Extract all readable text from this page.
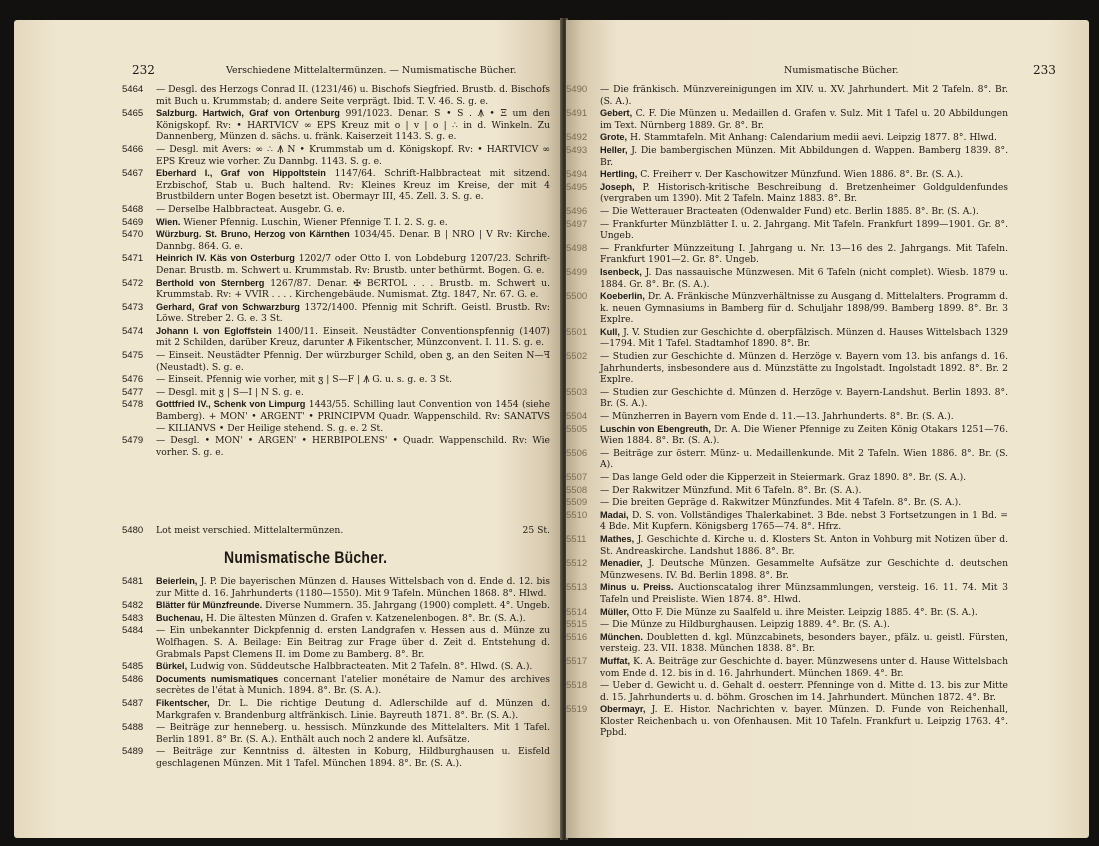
232	Verschiedene Mittelaltermünzen. — Numismatische Bücher.
5464	— Desgl. des Herzogs Conrad II. (1231/46) u. Bischofs Siegfried. Brustb. d. Bischofs mit Buch u. Krummstab; d. andere Seite verprägt. Ibid. T. V. 46. S. g. e.
5465	Salzburg. Hartwich, Graf von Ortenburg 991/1023. Denar. S • S . Ꙟ • Ξ um den Königskopf. Rv: • HARTVICV ∞ EPS Kreuz mit o | v | o | ∴ in d. Winkeln. Zu Dannenberg, Münzen d. sächs. u. fränk. Kaiserzeit 1143. S. g. e.
5466	— Desgl. mit Avers: ∞ ∴ Ꙟ N • Krummstab um d. Königskopf. Rv: • HARTVICV ∞ EPS Kreuz wie vorher. Zu Dannbg. 1143. S. g. e.
5467	Eberhard I., Graf von Hippoltstein 1147/64. Schrift-Halbbracteat mit sitzend. Erzbischof, Stab u. Buch haltend. Rv: Kleines Kreuz im Kreise, der mit 4 Brustbildern unter Bogen besetzt ist. Obermayr III, 45. Zell. 3. S. g. e.
5468	— Derselbe Halbbracteat. Ausgebr. G. e.
5469	Wien. Wiener Pfennig. Luschin, Wiener Pfennige T. I. 2. S. g. e.
5470	Würzburg. St. Bruno, Herzog von Kärnthen 1034/45. Denar. B | NRO | V Rv: Kirche. Dannbg. 864. G. e.
5471	Heinrich IV. Käs von Osterburg 1202/7 oder Otto I. von Lobdeburg 1207/23. Schrift-Denar. Brustb. m. Schwert u. Krummstab. Rv: Brustb. unter bethürmt. Bogen. G. e.
5472	Berthold von Sternberg 1267/87. Denar. ✠ BЄRTOL . . . Brustb. m. Schwert u. Krummstab. Rv: + VVIR . . . . Kirchengebäude. Numismat. Ztg. 1847, Nr. 67. G. e.
5473	Gerhard, Graf von Schwarzburg 1372/1400. Pfennig mit Schrift. Geistl. Brustb. Rv: Löwe. Streber 2. G. e. 3 St.
5474	Johann I. von Egloffstein 1400/11. Einseit. Neustädter Conventionspfennig (1407) mit 2 Schilden, darüber Kreuz, darunter Ꙟ Fikentscher, Münzconvent. I. 11. S. g. e.
5475	— Einseit. Neustädter Pfennig. Der würzburger Schild, oben ꟑ, an den Seiten N—ꟻ (Neustadt). S. g. e.
5476	— Einseit. Pfennig wie vorher, mit ꟑ | S—F | Ꙟ G. u. s. g. e. 3 St.
5477	— Desgl. mit ꟑ | S—I | N S. g. e.
5478	Gottfried IV., Schenk von Limpurg 1443/55. Schilling laut Convention von 1454 (siehe Bamberg). + MON' • ARGENT' • PRINCIPVM Quadr. Wappenschild. Rv: SANATVS — KILIANVS • Der Heilige stehend. S. g. e. 2 St.
5479	— Desgl. • MON' • ARGEN' • HERBIPOLENS' • Quadr. Wappenschild. Rv: Wie vorher. S. g. e.
5480	Lot meist verschied. Mittelaltermünzen.	25 St.
Numismatische Bücher.
5481	Beierlein, J. P. Die bayerischen Münzen d. Hauses Wittelsbach von d. Ende d. 12. bis zur Mitte d. 16. Jahrhunderts (1180—1550). Mit 9 Tafeln. München 1868. 8°. Hlwd.
5482	Blätter für Münzfreunde. Diverse Nummern. 35. Jahrgang (1900) complett. 4°. Ungeb.
5483	Buchenau, H. Die ältesten Münzen d. Grafen v. Katzenelenbogen. 8°. Br. (S. A.).
5484	— Ein unbekannter Dickpfennig d. ersten Landgrafen v. Hessen aus d. Münze zu Wolfhagen. S. A. Beilage: Ein Beitrag zur Frage über d. Zeit d. Entstehung d. Grabmals Papst Clemens II. im Dome zu Bamberg. 8°. Br.
5485	Bürkel, Ludwig von. Süddeutsche Halbbracteaten. Mit 2 Tafeln. 8°. Hlwd. (S. A.).
5486	Documents numismatiques concernant l'atelier monétaire de Namur des archives secrètes de l'état à Munich. 1894. 8°. Br. (S. A.).
5487	Fikentscher, Dr. L. Die richtige Deutung d. Adlerschilde auf d. Münzen d. Markgrafen v. Brandenburg altfränkisch. Linie. Bayreuth 1871. 8°. Br. (S. A.).
5488	— Beiträge zur henneberg. u. hessisch. Münzkunde des Mittelalters. Mit 1 Tafel. Berlin 1891. 8° Br. (S. A.). Enthält auch noch 2 andere kl. Aufsätze.
5489	— Beiträge zur Kenntniss d. ältesten in Koburg, Hildburghausen u. Eisfeld geschlagenen Münzen. Mit 1 Tafel. München 1894. 8°. Br. (S. A.).
Numismatische Bücher.	233
5490	— Die fränkisch. Münzvereinigungen im XIV. u. XV. Jahrhundert. Mit 2 Tafeln. 8°. Br. (S. A.).
5491	Gebert, C. F. Die Münzen u. Medaillen d. Grafen v. Sulz. Mit 1 Tafel u. 20 Abbildungen im Text. Nürnberg 1889. Gr. 8°. Br.
5492	Grote, H. Stammtafeln. Mit Anhang: Calendarium medii aevi. Leipzig 1877. 8°. Hlwd.
5493	Heller, J. Die bambergischen Münzen. Mit Abbildungen d. Wappen. Bamberg 1839. 8°. Br.
5494	Hertling, C. Freiherr v. Der Kaschowitzer Münzfund. Wien 1886. 8°. Br. (S. A.).
5495	Joseph, P. Historisch-kritische Beschreibung d. Bretzenheimer Goldguldenfundes (vergraben um 1390). Mit 2 Tafeln. Mainz 1883. 8°. Br.
5496	— Die Wetterauer Bracteaten (Odenwalder Fund) etc. Berlin 1885. 8°. Br. (S. A.).
5497	— Frankfurter Münzblätter I. u. 2. Jahrgang. Mit Tafeln. Frankfurt 1899—1901. Gr. 8°. Ungeb.
5498	— Frankfurter Münzzeitung I. Jahrgang u. Nr. 13—16 des 2. Jahrgangs. Mit Tafeln. Frankfurt 1901—2. Gr. 8°. Ungeb.
5499	Isenbeck, J. Das nassauische Münzwesen. Mit 6 Tafeln (nicht complet). Wiesb. 1879 u. 1884. Gr. 8°. Br. (S. A.).
5500	Koeberlin, Dr. A. Fränkische Münzverhältnisse zu Ausgang d. Mittelalters. Programm d. k. neuen Gymnasiums in Bamberg für d. Schuljahr 1898/99. Bamberg 1899. 8°. Br. 3 Explre.
5501	Kull, J. V. Studien zur Geschichte d. oberpfälzisch. Münzen d. Hauses Wittelsbach 1329—1794. Mit 1 Tafel. Stadtamhof 1890. 8°. Br.
5502	— Studien zur Geschichte d. Münzen d. Herzöge v. Bayern vom 13. bis anfangs d. 16. Jahrhunderts, insbesondere aus d. Münzstätte zu Ingolstadt. Ingolstadt 1892. 8°. Br. 2 Explre.
5503	— Studien zur Geschichte d. Münzen d. Herzöge v. Bayern-Landshut. Berlin 1893. 8°. Br. (S. A.).
5504	— Münzherren in Bayern vom Ende d. 11.—13. Jahrhunderts. 8°. Br. (S. A.).
5505	Luschin von Ebengreuth, Dr. A. Die Wiener Pfennige zu Zeiten König Otakars 1251—76. Wien 1884. 8°. Br. (S. A.).
5506	— Beiträge zur österr. Münz- u. Medaillenkunde. Mit 2 Tafeln. Wien 1886. 8°. Br. (S. A).
5507	— Das lange Geld oder die Kipperzeit in Steiermark. Graz 1890. 8°. Br. (S. A.).
5508	— Der Rakwitzer Münzfund. Mit 6 Tafeln. 8°. Br. (S. A.).
5509	— Die breiten Gepräge d. Rakwitzer Münzfundes. Mit 4 Tafeln. 8°. Br. (S. A.).
5510	Madai, D. S. von. Vollständiges Thalerkabinet. 3 Bde. nebst 3 Fortsetzungen in 1 Bd. = 4 Bde. Mit Kupfern. Königsberg 1765—74. 8°. Hfrz.
5511	Mathes, J. Geschichte d. Kirche u. d. Klosters St. Anton in Vohburg mit Notizen über d. St. Andreaskirche. Landshut 1886. 8°. Br.
5512	Menadier, J. Deutsche Münzen. Gesammelte Aufsätze zur Geschichte d. deutschen Münzwesens. IV. Bd. Berlin 1898. 8°. Br.
5513	Minus u. Preiss. Auctionscatalog ihrer Münzsammlungen, versteig. 16. 11. 74. Mit 3 Tafeln und Preisliste. Wien 1874. 8°. Hlwd.
5514	Müller, Otto F. Die Münze zu Saalfeld u. ihre Meister. Leipzig 1885. 4°. Br. (S. A.).
5515	— Die Münze zu Hildburghausen. Leipzig 1889. 4°. Br. (S. A.).
5516	München. Doubletten d. kgl. Münzcabinets, besonders bayer., pfälz. u. geistl. Fürsten, versteig. 23. VII. 1838. München 1838. 8°. Br.
5517	Muffat, K. A. Beiträge zur Geschichte d. bayer. Münzwesens unter d. Hause Wittelsbach vom Ende d. 12. bis in d. 16. Jahrhundert. München 1869. 4°. Br.
5518	— Ueber d. Gewicht u. d. Gehalt d. oesterr. Pfenninge von d. Mitte d. 13. bis zur Mitte d. 15. Jahrhunderts u. d. böhm. Groschen im 14. Jahrhundert. München 1872. 4°. Br.
5519	Obermayr, J. E. Histor. Nachrichten v. bayer. Münzen. D. Funde von Reichenhall, Kloster Reichenbach u. von Ofenhausen. Mit 10 Tafeln. Frankfurt u. Leipzig 1763. 4°. Ppbd.
